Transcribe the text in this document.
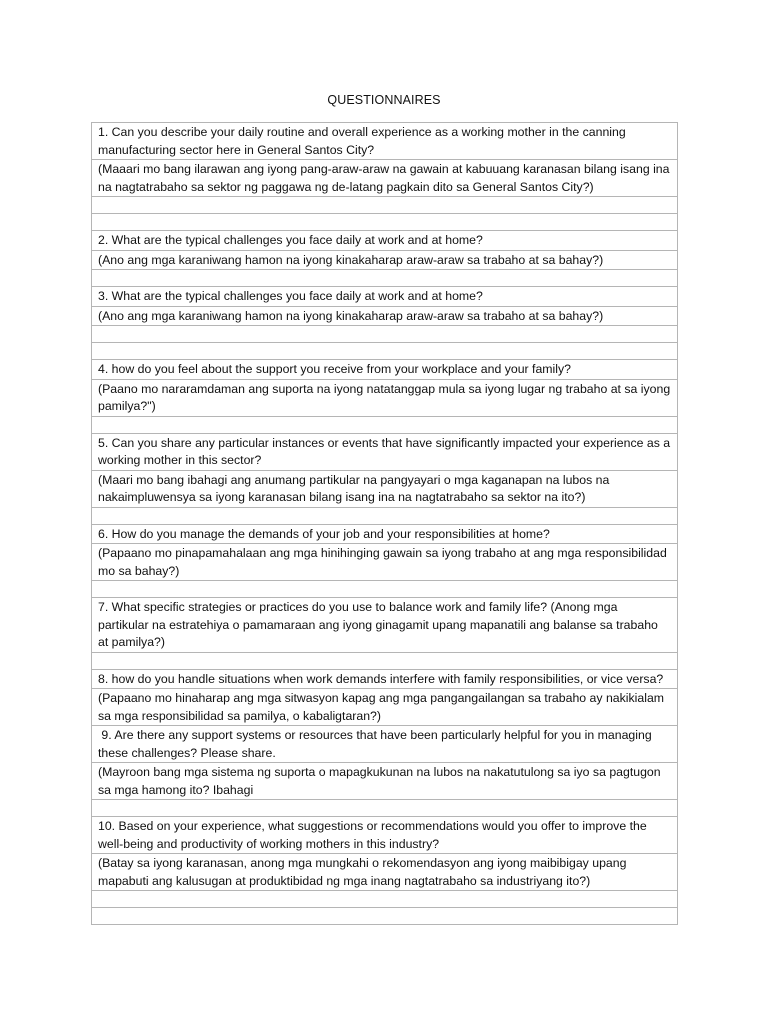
QUESTIONNAIRES
1. Can you describe your daily routine and overall experience as a working mother in the canning manufacturing sector here in General Santos City?
(Maaari mo bang ilarawan ang iyong pang-araw-araw na gawain at kabuuang karanasan bilang isang ina na nagtatrabaho sa sektor ng paggawa ng de-latang pagkain dito sa General Santos City?)
2. What are the typical challenges you face daily at work and at home?
(Ano ang mga karaniwang hamon na iyong kinakaharap araw-araw sa trabaho at sa bahay?)
3. What are the typical challenges you face daily at work and at home?
(Ano ang mga karaniwang hamon na iyong kinakaharap araw-araw sa trabaho at sa bahay?)
4. how do you feel about the support you receive from your workplace and your family?
(Paano mo nararamdaman ang suporta na iyong natatanggap mula sa iyong lugar ng trabaho at sa iyong pamilya?")
5. Can you share any particular instances or events that have significantly impacted your experience as a working mother in this sector?
(Maari mo bang ibahagi ang anumang partikular na pangyayari o mga kaganapan na lubos na nakaimpluwensya sa iyong karanasan bilang isang ina na nagtatrabaho sa sektor na ito?)
6. How do you manage the demands of your job and your responsibilities at home?
(Papaano mo pinapamahalaan ang mga hinihinging gawain sa iyong trabaho at ang mga responsibilidad mo sa bahay?)
7. What specific strategies or practices do you use to balance work and family life? (Anong mga partikular na estratehiya o pamamaraan ang iyong ginagamit upang mapanatili ang balanse sa trabaho at pamilya?)
8. how do you handle situations when work demands interfere with family responsibilities, or vice versa?
(Papaano mo hinaharap ang mga sitwasyon kapag ang mga pangangailangan sa trabaho ay nakikialam sa mga responsibilidad sa pamilya, o kabaligtaran?)
9. Are there any support systems or resources that have been particularly helpful for you in managing these challenges? Please share.
(Mayroon bang mga sistema ng suporta o mapagkukunan na lubos na nakatutulong sa iyo sa pagtugon sa mga hamong ito? Ibahagi
10. Based on your experience, what suggestions or recommendations would you offer to improve the well-being and productivity of working mothers in this industry?
(Batay sa iyong karanasan, anong mga mungkahi o rekomendasyon ang iyong maibibigay upang mapabuti ang kalusugan at produktibidad ng mga inang nagtatrabaho sa industriyang ito?)
